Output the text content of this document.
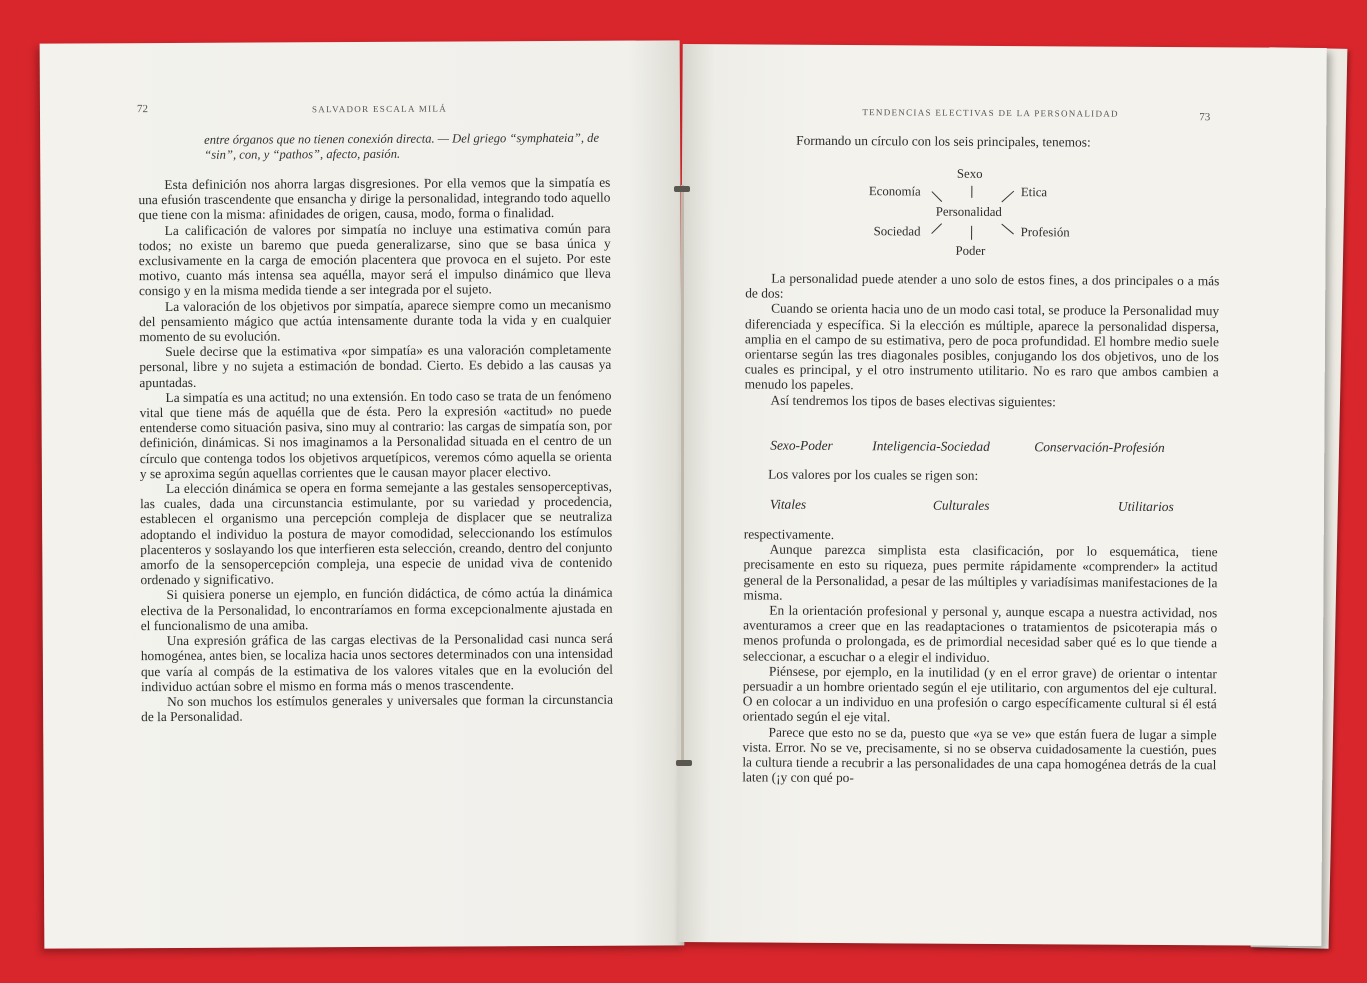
72	SALVADOR ESCALA MILÁ
entre órganos que no tienen conexión directa. — Del griego “symphateia”, de “sin”, con, y “pathos”, afecto, pasión.

Esta definición nos ahorra largas disgresiones. Por ella vemos que la simpatía es una efusión trascendente que ensancha y dirige la personalidad, integrando todo aquello que tiene con la misma: afinidades de origen, causa, modo, forma o finalidad.

La calificación de valores por simpatía no incluye una estimativa común para todos; no existe un baremo que pueda generalizarse, sino que se basa única y exclusivamente en la carga de emoción placentera que provoca en el sujeto. Por este motivo, cuanto más intensa sea aquélla, mayor será el impulso dinámico que lleva consigo y en la misma medida tiende a ser integrada por el sujeto.

La valoración de los objetivos por simpatía, aparece siempre como un mecanismo del pensamiento mágico que actúa intensamente durante toda la vida y en cualquier momento de su evolución.

Suele decirse que la estimativa «por simpatía» es una valoración completamente personal, libre y no sujeta a estimación de bondad. Cierto. Es debido a las causas ya apuntadas.

La simpatía es una actitud; no una extensión. En todo caso se trata de un fenómeno vital que tiene más de aquélla que de ésta. Pero la expresión «actitud» no puede entenderse como situación pasiva, sino muy al contrario: las cargas de simpatía son, por definición, dinámicas. Si nos imaginamos a la Personalidad situada en el centro de un círculo que contenga todos los objetivos arquetípicos, veremos cómo aquella se orienta y se aproxima según aquellas corrientes que le causan mayor placer electivo.

La elección dinámica se opera en forma semejante a las gestales sensoperceptivas, las cuales, dada una circunstancia estimulante, por su variedad y procedencia, establecen el organismo una percepción compleja de displacer que se neutraliza adoptando el individuo la postura de mayor comodidad, seleccionando los estímulos placenteros y soslayando los que interfieren esta selección, creando, dentro del conjunto amorfo de la sensopercepción compleja, una especie de unidad viva de contenido ordenado y significativo.

Si quisiera ponerse un ejemplo, en función didáctica, de cómo actúa la dinámica electiva de la Personalidad, lo encontraríamos en forma excepcionalmente ajustada en el funcionalismo de una amiba.

Una expresión gráfica de las cargas electivas de la Personalidad casi nunca será homogénea, antes bien, se localiza hacia unos sectores determinados con una intensidad que varía al compás de la estimativa de los valores vitales que en la evolución del individuo actúan sobre el mismo en forma más o menos trascendente.

No son muchos los estímulos generales y universales que forman la circunstancia de la Personalidad.

TENDENCIAS ELECTIVAS DE LA PERSONALIDAD	73

Formando un círculo con los seis principales, tenemos:

Sexo
Economía	Etica
Personalidad
Sociedad	Profesión
Poder

La personalidad puede atender a uno solo de estos fines, a dos principales o a más de dos:

Cuando se orienta hacia uno de un modo casi total, se produce la Personalidad muy diferenciada y específica. Si la elección es múltiple, aparece la personalidad dispersa, amplia en el campo de su estimativa, pero de poca profundidad. El hombre medio suele orientarse según las tres diagonales posibles, conjugando los dos objetivos, uno de los cuales es principal, y el otro instrumento utilitario. No es raro que ambos cambien a menudo los papeles.

Así tendremos los tipos de bases electivas siguientes:

Sexo-Poder	Inteligencia-Sociedad	Conservación-Profesión

Los valores por los cuales se rigen son:

Vitales	Culturales	Utilitarios

respectivamente.

Aunque parezca simplista esta clasificación, por lo esquemática, tiene precisamente en esto su riqueza, pues permite rápidamente «comprender» la actitud general de la Personalidad, a pesar de las múltiples y variadísimas manifestaciones de la misma.

En la orientación profesional y personal y, aunque escapa a nuestra actividad, nos aventuramos a creer que en las readaptaciones o tratamientos de psicoterapia más o menos profunda o prolongada, es de primordial necesidad saber qué es lo que tiende a seleccionar, a escuchar o a elegir el individuo.

Piénsese, por ejemplo, en la inutilidad (y en el error grave) de orientar o intentar persuadir a un hombre orientado según el eje utilitario, con argumentos del eje cultural. O en colocar a un individuo en una profesión o cargo específicamente cultural si él está orientado según el eje vital.

Parece que esto no se da, puesto que «ya se ve» que están fuera de lugar a simple vista. Error. No se ve, precisamente, si no se observa cuidadosamente la cuestión, pues la cultura tiende a recubrir a las personalidades de una capa homogénea detrás de la cual laten (¡y con qué po-
